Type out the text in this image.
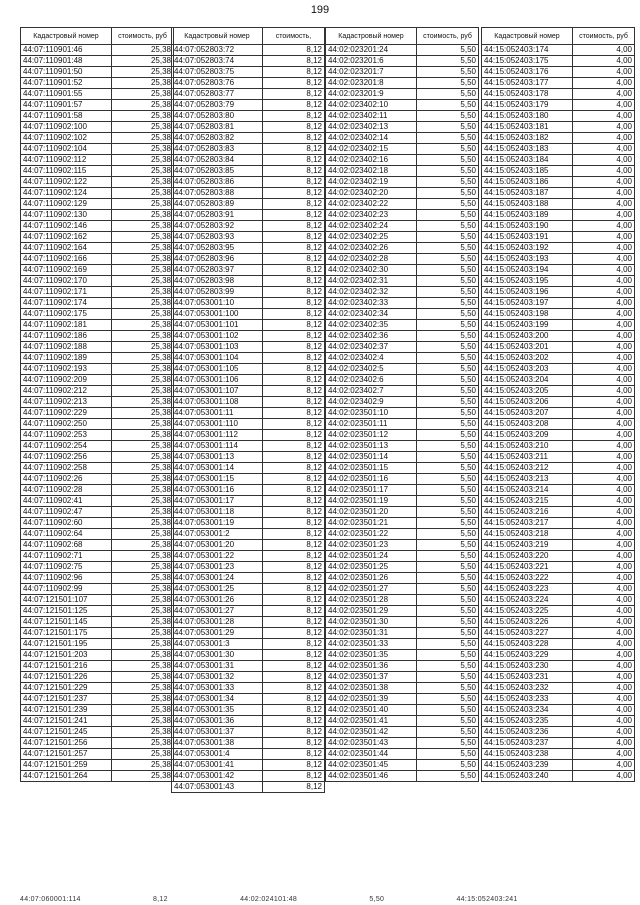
199
Кадастровый номер	стоимость, руб
44:07:110901:46	25,38
44:07:110901:48	25,38
44:07:110901:50	25,38
44:07:110901:52	25,38
44:07:110901:55	25,38
44:07:110901:57	25,38
44:07:110901:58	25,38
44:07:110902:100	25,38
44:07:110902:102	25,38
44:07:110902:104	25,38
44:07:110902:112	25,38
44:07:110902:115	25,38
44:07:110902:122	25,38
44:07:110902:124	25,38
44:07:110902:129	25,38
44:07:110902:130	25,38
44:07:110902:146	25,38
44:07:110902:162	25,38
44:07:110902:164	25,38
44:07:110902:166	25,38
44:07:110902:169	25,38
44:07:110902:170	25,38
44:07:110902:171	25,38
44:07:110902:174	25,38
44:07:110902:175	25,38
44:07:110902:181	25,38
44:07:110902:186	25,38
44:07:110902:188	25,38
44:07:110902:189	25,38
44:07:110902:193	25,38
44:07:110902:209	25,38
44:07:110902:212	25,38
44:07:110902:213	25,38
44:07:110902:229	25,38
44:07:110902:250	25,38
44:07:110902:253	25,38
44:07:110902:254	25,38
44:07:110902:256	25,38
44:07:110902:258	25,38
44:07:110902:26	25,38
44:07:110902:28	25,38
44:07:110902:41	25,38
44:07:110902:47	25,38
44:07:110902:60	25,38
44:07:110902:64	25,38
44:07:110902:68	25,38
44:07:110902:71	25,38
44:07:110902:75	25,38
44:07:110902:96	25,38
44:07:110902:99	25,38
44:07:121501:107	25,38
44:07:121501:125	25,38
44:07:121501:145	25,38
44:07:121501:175	25,38
44:07:121501:195	25,38
44:07:121501:203	25,38
44:07:121501:216	25,38
44:07:121501:226	25,38
44:07:121501:229	25,38
44:07:121501:237	25,38
44:07:121501:239	25,38
44:07:121501:241	25,38
44:07:121501:245	25,38
44:07:121501:256	25,38
44:07:121501:257	25,38
44:07:121501:259	25,38
44:07:121501:264	25,38
Кадастровый номер	стоимость,
44:07:052803:72	8,12
44:07:052803:74	8,12
44:07:052803:75	8,12
44:07:052803:76	8,12
44:07:052803:77	8,12
44:07:052803:79	8,12
44:07:052803:80	8,12
44:07:052803:81	8,12
44:07:052803:82	8,12
44:07:052803:83	8,12
44:07:052803:84	8,12
44:07:052803:85	8,12
44:07:052803:86	8,12
44:07:052803:88	8,12
44:07:052803:89	8,12
44:07:052803:91	8,12
44:07:052803:92	8,12
44:07:052803:93	8,12
44:07:052803:95	8,12
44:07:052803:96	8,12
44:07:052803:97	8,12
44:07:052803:98	8,12
44:07:052803:99	8,12
44:07:053001:10	8,12
44:07:053001:100	8,12
44:07:053001:101	8,12
44:07:053001:102	8,12
44:07:053001:103	8,12
44:07:053001:104	8,12
44:07:053001:105	8,12
44:07:053001:106	8,12
44:07:053001:107	8,12
44:07:053001:108	8,12
44:07:053001:11	8,12
44:07:053001:110	8,12
44:07:053001:112	8,12
44:07:053001:114	8,12
44:07:053001:13	8,12
44:07:053001:14	8,12
44:07:053001:15	8,12
44:07:053001:16	8,12
44:07:053001:17	8,12
44:07:053001:18	8,12
44:07:053001:19	8,12
44:07:053001:2	8,12
44:07:053001:20	8,12
44:07:053001:22	8,12
44:07:053001:23	8,12
44:07:053001:24	8,12
44:07:053001:25	8,12
44:07:053001:26	8,12
44:07:053001:27	8,12
44:07:053001:28	8,12
44:07:053001:29	8,12
44:07:053001:3	8,12
44:07:053001:30	8,12
44:07:053001:31	8,12
44:07:053001:32	8,12
44:07:053001:33	8,12
44:07:053001:34	8,12
44:07:053001:35	8,12
44:07:053001:36	8,12
44:07:053001:37	8,12
44:07:053001:38	8,12
44:07:053001:4	8,12
44:07:053001:41	8,12
44:07:053001:42	8,12
44:07:053001:43	8,12
Кадастровый номер	стоимость, руб
44:02:023201:24	5,50
44:02:023201:6	5,50
44:02:023201:7	5,50
44:02:023201:8	5,50
44:02:023201:9	5,50
44:02:023402:10	5,50
44:02:023402:11	5,50
44:02:023402:13	5,50
44:02:023402:14	5,50
44:02:023402:15	5,50
44:02:023402:16	5,50
44:02:023402:18	5,50
44:02:023402:19	5,50
44:02:023402:20	5,50
44:02:023402:22	5,50
44:02:023402:23	5,50
44:02:023402:24	5,50
44:02:023402:25	5,50
44:02:023402:26	5,50
44:02:023402:28	5,50
44:02:023402:30	5,50
44:02:023402:31	5,50
44:02:023402:32	5,50
44:02:023402:33	5,50
44:02:023402:34	5,50
44:02:023402:35	5,50
44:02:023402:36	5,50
44:02:023402:37	5,50
44:02:023402:4	5,50
44:02:023402:5	5,50
44:02:023402:6	5,50
44:02:023402:7	5,50
44:02:023402:9	5,50
44:02:023501:10	5,50
44:02:023501:11	5,50
44:02:023501:12	5,50
44:02:023501:13	5,50
44:02:023501:14	5,50
44:02:023501:15	5,50
44:02:023501:16	5,50
44:02:023501:17	5,50
44:02:023501:19	5,50
44:02:023501:20	5,50
44:02:023501:21	5,50
44:02:023501:22	5,50
44:02:023501:23	5,50
44:02:023501:24	5,50
44:02:023501:25	5,50
44:02:023501:26	5,50
44:02:023501:27	5,50
44:02:023501:28	5,50
44:02:023501:29	5,50
44:02:023501:30	5,50
44:02:023501:31	5,50
44:02:023501:33	5,50
44:02:023501:35	5,50
44:02:023501:36	5,50
44:02:023501:37	5,50
44:02:023501:38	5,50
44:02:023501:39	5,50
44:02:023501:40	5,50
44:02:023501:41	5,50
44:02:023501:42	5,50
44:02:023501:43	5,50
44:02:023501:44	5,50
44:02:023501:45	5,50
44:02:023501:46	5,50
Кадастровый номер	стоимость, руб
44:15:052403:174	4,00
44:15:052403:175	4,00
44:15:052403:176	4,00
44:15:052403:177	4,00
44:15:052403:178	4,00
44:15:052403:179	4,00
44:15:052403:180	4,00
44:15:052403:181	4,00
44:15:052403:182	4,00
44:15:052403:183	4,00
44:15:052403:184	4,00
44:15:052403:185	4,00
44:15:052403:186	4,00
44:15:052403:187	4,00
44:15:052403:188	4,00
44:15:052403:189	4,00
44:15:052403:190	4,00
44:15:052403:191	4,00
44:15:052403:192	4,00
44:15:052403:193	4,00
44:15:052403:194	4,00
44:15:052403:195	4,00
44:15:052403:196	4,00
44:15:052403:197	4,00
44:15:052403:198	4,00
44:15:052403:199	4,00
44:15:052403:200	4,00
44:15:052403:201	4,00
44:15:052403:202	4,00
44:15:052403:203	4,00
44:15:052403:204	4,00
44:15:052403:205	4,00
44:15:052403:206	4,00
44:15:052403:207	4,00
44:15:052403:208	4,00
44:15:052403:209	4,00
44:15:052403:210	4,00
44:15:052403:211	4,00
44:15:052403:212	4,00
44:15:052403:213	4,00
44:15:052403:214	4,00
44:15:052403:215	4,00
44:15:052403:216	4,00
44:15:052403:217	4,00
44:15:052403:218	4,00
44:15:052403:219	4,00
44:15:052403:220	4,00
44:15:052403:221	4,00
44:15:052403:222	4,00
44:15:052403:223	4,00
44:15:052403:224	4,00
44:15:052403:225	4,00
44:15:052403:226	4,00
44:15:052403:227	4,00
44:15:052403:228	4,00
44:15:052403:229	4,00
44:15:052403:230	4,00
44:15:052403:231	4,00
44:15:052403:232	4,00
44:15:052403:233	4,00
44:15:052403:234	4,00
44:15:052403:235	4,00
44:15:052403:236	4,00
44:15:052403:237	4,00
44:15:052403:238	4,00
44:15:052403:239	4,00
44:15:052403:240	4,00
44:07:060001:114	8,12	44:02:024101:48	5,50	44:15:052403:241
